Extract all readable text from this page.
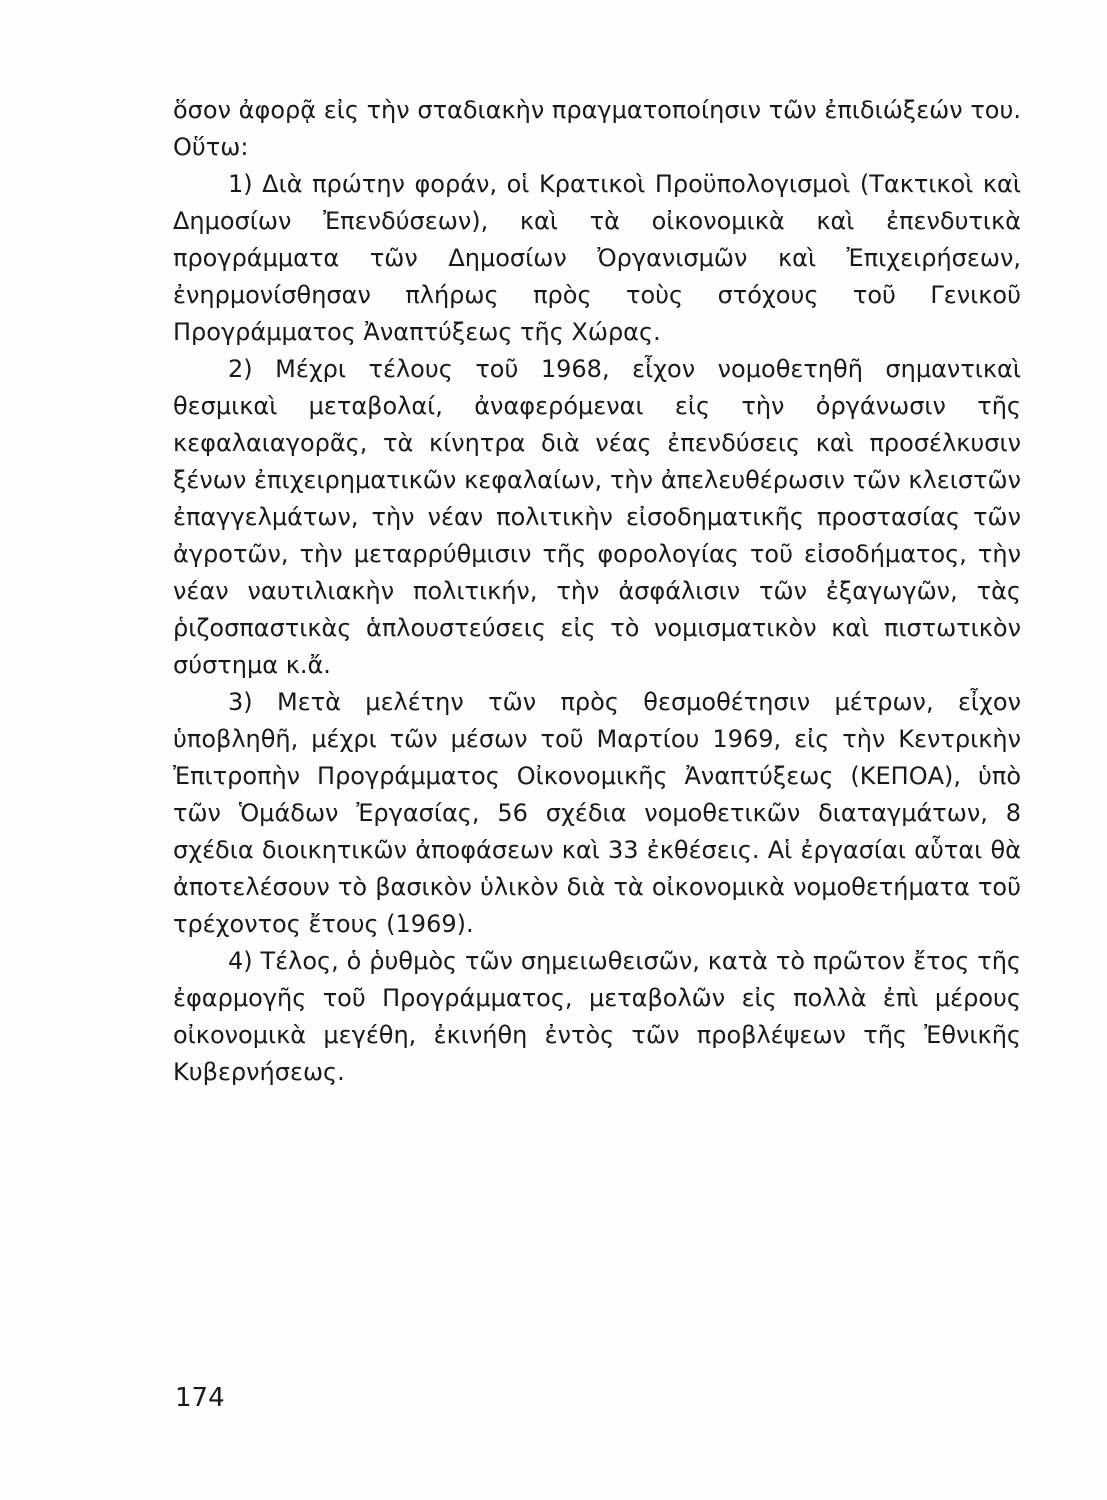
ὅσον ἀφορᾷ εἰς τὴν σταδιακὴν πραγματοποίησιν τῶν ἐπιδιώξεών του. Οὕτω:

1) Διὰ πρώτην φοράν, οἱ Κρατικοὶ Προϋπολογισμοὶ (Τακτικοὶ καὶ Δημοσίων Ἐπενδύσεων), καὶ τὰ οἰκονομικὰ καὶ ἐπενδυτικὰ προγράμματα τῶν Δημοσίων Ὀργανισμῶν καὶ Ἐπιχειρήσεων, ἐνηρμονίσθησαν πλήρως πρὸς τοὺς στόχους τοῦ Γενικοῦ Προγράμματος Ἀναπτύξεως τῆς Χώρας.

2) Μέχρι τέλους τοῦ 1968, εἶχον νομοθετηθῆ σημαντικαὶ θεσμικαὶ μεταβολαί, ἀναφερόμεναι εἰς τὴν ὀργάνωσιν τῆς κεφαλαιαγορᾶς, τὰ κίνητρα διὰ νέας ἐπενδύσεις καὶ προσέλκυσιν ξένων ἐπιχειρηματικῶν κεφαλαίων, τὴν ἀπελευθέρωσιν τῶν κλειστῶν ἐπαγγελμάτων, τὴν νέαν πολιτικὴν εἰσοδηματικῆς προστασίας τῶν ἀγροτῶν, τὴν μεταρρύθμισιν τῆς φορολογίας τοῦ εἰσοδήματος, τὴν νέαν ναυτιλιακὴν πολιτικήν, τὴν ἀσφάλισιν τῶν ἐξαγωγῶν, τὰς ῥιζοσπαστικὰς ἁπλουστεύσεις εἰς τὸ νομισματικὸν καὶ πιστωτικὸν σύστημα κ.ἄ.

3) Μετὰ μελέτην τῶν πρὸς θεσμοθέτησιν μέτρων, εἶχον ὑποβληθῆ, μέχρι τῶν μέσων τοῦ Μαρτίου 1969, εἰς τὴν Κεντρικὴν Ἐπιτροπὴν Προγράμματος Οἰκονομικῆς Ἀναπτύξεως (ΚΕΠΟΑ), ὑπὸ τῶν Ὁμάδων Ἐργασίας, 56 σχέδια νομοθετικῶν διαταγμάτων, 8 σχέδια διοικητικῶν ἀποφάσεων καὶ 33 ἐκθέσεις. Αἱ ἐργασίαι αὗται θὰ ἀποτελέσουν τὸ βασικὸν ὑλικὸν διὰ τὰ οἰκονομικὰ νομοθετήματα τοῦ τρέχοντος ἔτους (1969).

4) Τέλος, ὁ ῥυθμὸς τῶν σημειωθεισῶν, κατὰ τὸ πρῶτον ἔτος τῆς ἐφαρμογῆς τοῦ Προγράμματος, μεταβολῶν εἰς πολλὰ ἐπὶ μέρους οἰκονομικὰ μεγέθη, ἐκινήθη ἐντὸς τῶν προβλέψεων τῆς Ἐθνικῆς Κυβερνήσεως.

174
